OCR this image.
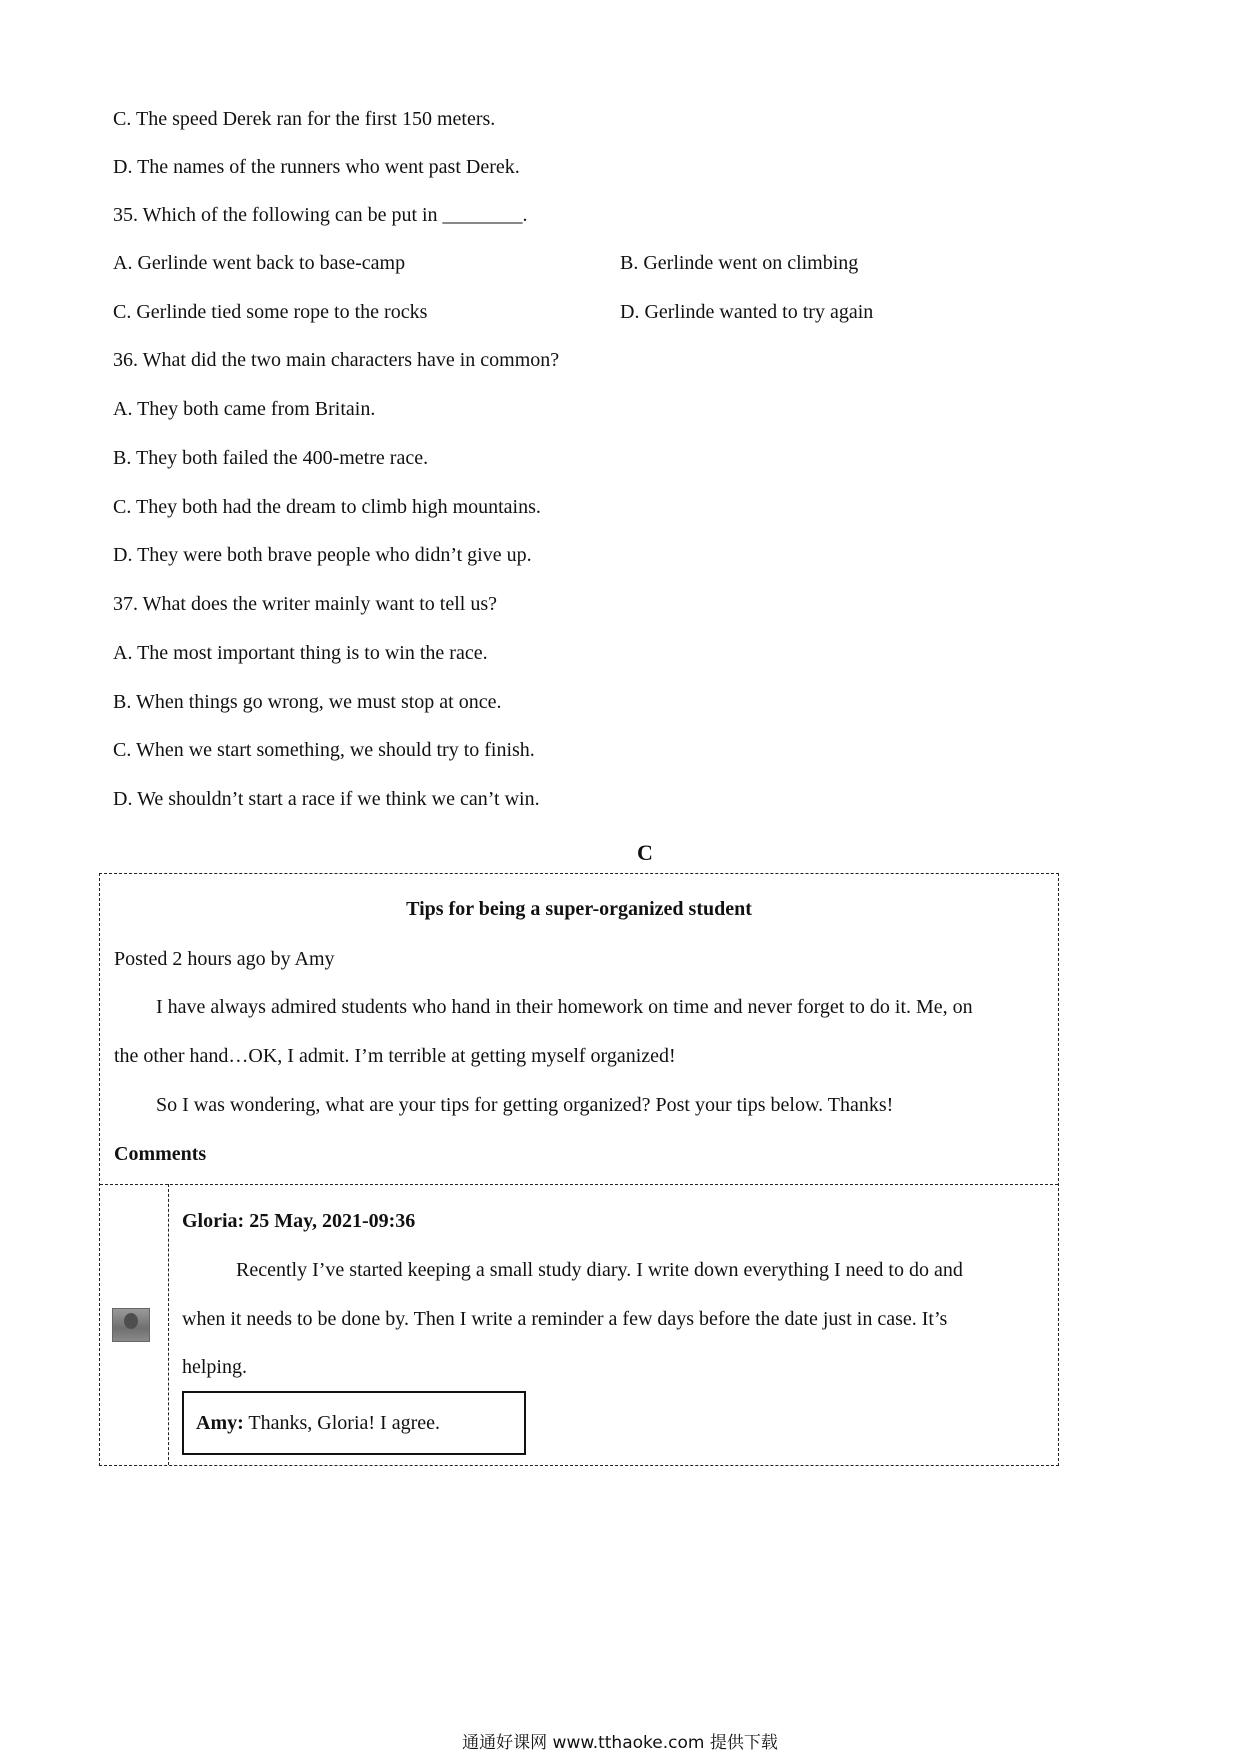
C. The speed Derek ran for the first 150 meters.
D. The names of the runners who went past Derek.
35. Which of the following can be put in ________.
A. Gerlinde went back to base-camp	B. Gerlinde went on climbing
C. Gerlinde tied some rope to the rocks	D. Gerlinde wanted to try again
36. What did the two main characters have in common?
A. They both came from Britain.
B. They both failed the 400-metre race.
C. They both had the dream to climb high mountains.
D. They were both brave people who didn’t give up.
37. What does the writer mainly want to tell us?
A. The most important thing is to win the race.
B. When things go wrong, we must stop at once.
C. When we start something, we should try to finish.
D. We shouldn’t start a race if we think we can’t win.
C
Tips for being a super-organized student
Posted 2 hours ago by Amy
I have always admired students who hand in their homework on time and never forget to do it. Me, on
the other hand…OK, I admit. I’m terrible at getting myself organized!
So I was wondering, what are your tips for getting organized? Post your tips below. Thanks!
Comments
Gloria: 25 May, 2021-09:36
Recently I’ve started keeping a small study diary. I write down everything I need to do and
when it needs to be done by. Then I write a reminder a few days before the date just in case. It’s
helping.
Amy: Thanks, Gloria! I agree.
通通好课网 www.tthaoke.com 提供下载
